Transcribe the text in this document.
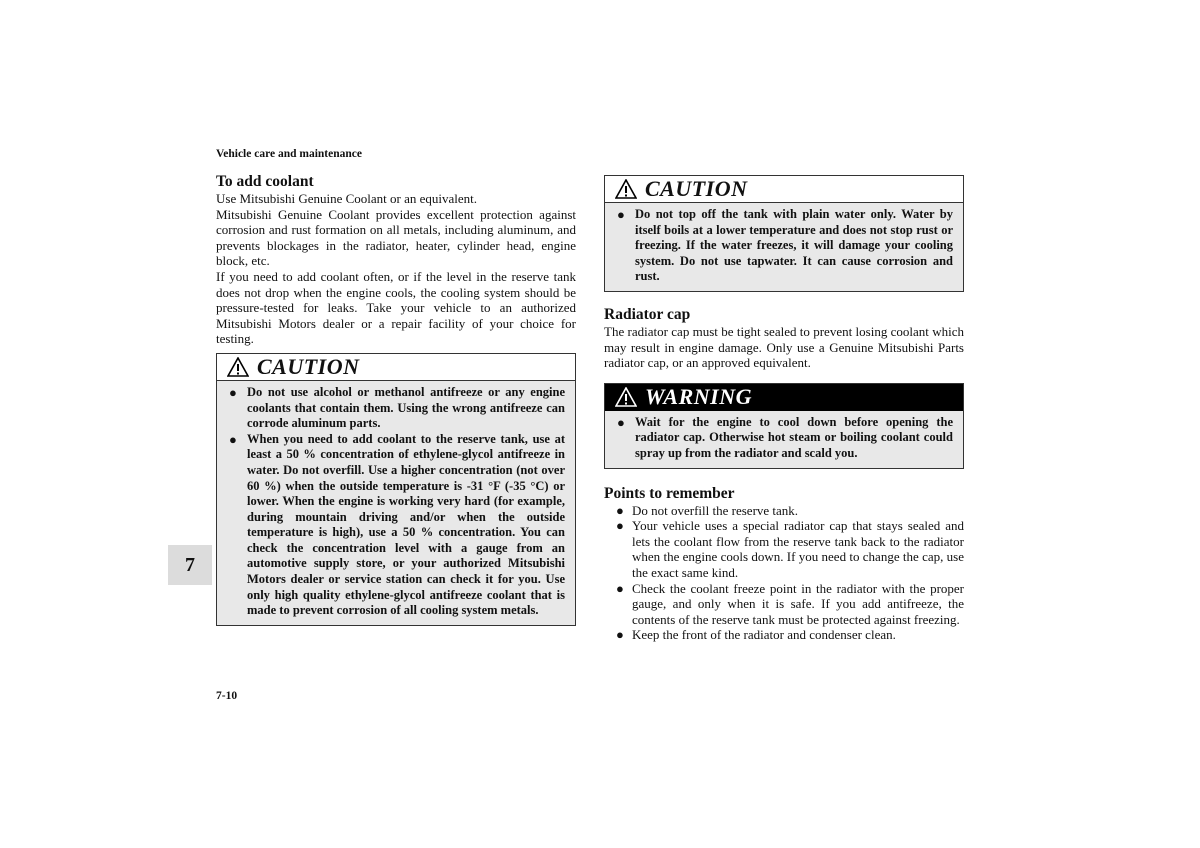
Vehicle care and maintenance
To add coolant

Use Mitsubishi Genuine Coolant or an equivalent.

Mitsubishi Genuine Coolant provides excellent protection against corrosion and rust formation on all metals, including aluminum, and prevents blockages in the radiator, heater, cylinder head, engine block, etc.

If you need to add coolant often, or if the level in the reserve tank does not drop when the engine cools, the cooling system should be pressure-tested for leaks. Take your vehicle to an authorized Mitsubishi Motors dealer or a repair facility of your choice for testing.

CAUTION
● Do not use alcohol or methanol antifreeze or any engine coolants that contain them. Using the wrong antifreeze can corrode aluminum parts.
● When you need to add coolant to the reserve tank, use at least a 50 % concentration of ethylene-glycol antifreeze in water. Do not overfill. Use a higher concentration (not over 60 %) when the outside temperature is -31 °F (-35 °C) or lower. When the engine is working very hard (for example, during mountain driving and/or when the outside temperature is high), use a 50 % concentration. You can check the concentration level with a gauge from an automotive supply store, or your authorized Mitsubishi Motors dealer or service station can check it for you. Use only high quality ethylene-glycol antifreeze coolant that is made to prevent corrosion of all cooling system metals.
CAUTION
● Do not top off the tank with plain water only. Water by itself boils at a lower temperature and does not stop rust or freezing. If the water freezes, it will damage your cooling system. Do not use tapwater. It can cause corrosion and rust.
Radiator cap

The radiator cap must be tight sealed to prevent losing coolant which may result in engine damage. Only use a Genuine Mitsubishi Parts radiator cap, or an approved equivalent.

WARNING
● Wait for the engine to cool down before opening the radiator cap. Otherwise hot steam or boiling coolant could spray up from the radiator and scald you.
Points to remember
● Do not overfill the reserve tank.
● Your vehicle uses a special radiator cap that stays sealed and lets the coolant flow from the reserve tank back to the radiator when the engine cools down. If you need to change the cap, use the exact same kind.
● Check the coolant freeze point in the radiator with the proper gauge, and only when it is safe. If you add antifreeze, the contents of the reserve tank must be protected against freezing.
● Keep the front of the radiator and condenser clean.
7
7-10
